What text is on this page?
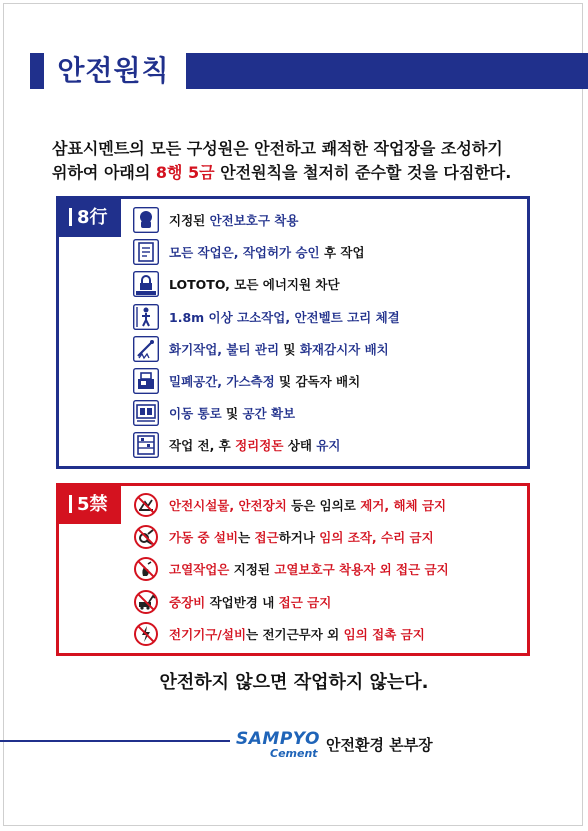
안전원칙
삼표시멘트의 모든 구성원은 안전하고 쾌적한 작업장을 조성하기
위하여 아래의 8행 5금 안전원칙을 철저히 준수할 것을 다짐한다.
8行	지정된 안전보호구 착용
모든 작업은, 작업허가 승인 후 작업
LOTOTO, 모든 에너지원 차단
1.8m 이상 고소작업, 안전벨트 고리 체결
화기작업, 불티 관리 및 화재감시자 배치
밀폐공간, 가스측정 및 감독자 배치
이동 통로 및 공간 확보
작업 전, 후 정리정돈 상태 유지
5禁	안전시설물, 안전장치 등은 임의로 제거, 해체 금지
가동 중 설비는 접근하거나 임의 조작, 수리 금지
고열작업은 지정된 고열보호구 착용자 외 접근 금지
중장비 작업반경 내 접근 금지
전기기구/설비는 전기근무자 외 임의 접촉 금지
안전하지 않으면 작업하지 않는다.
SAMPYO
Cement 안전환경 본부장
